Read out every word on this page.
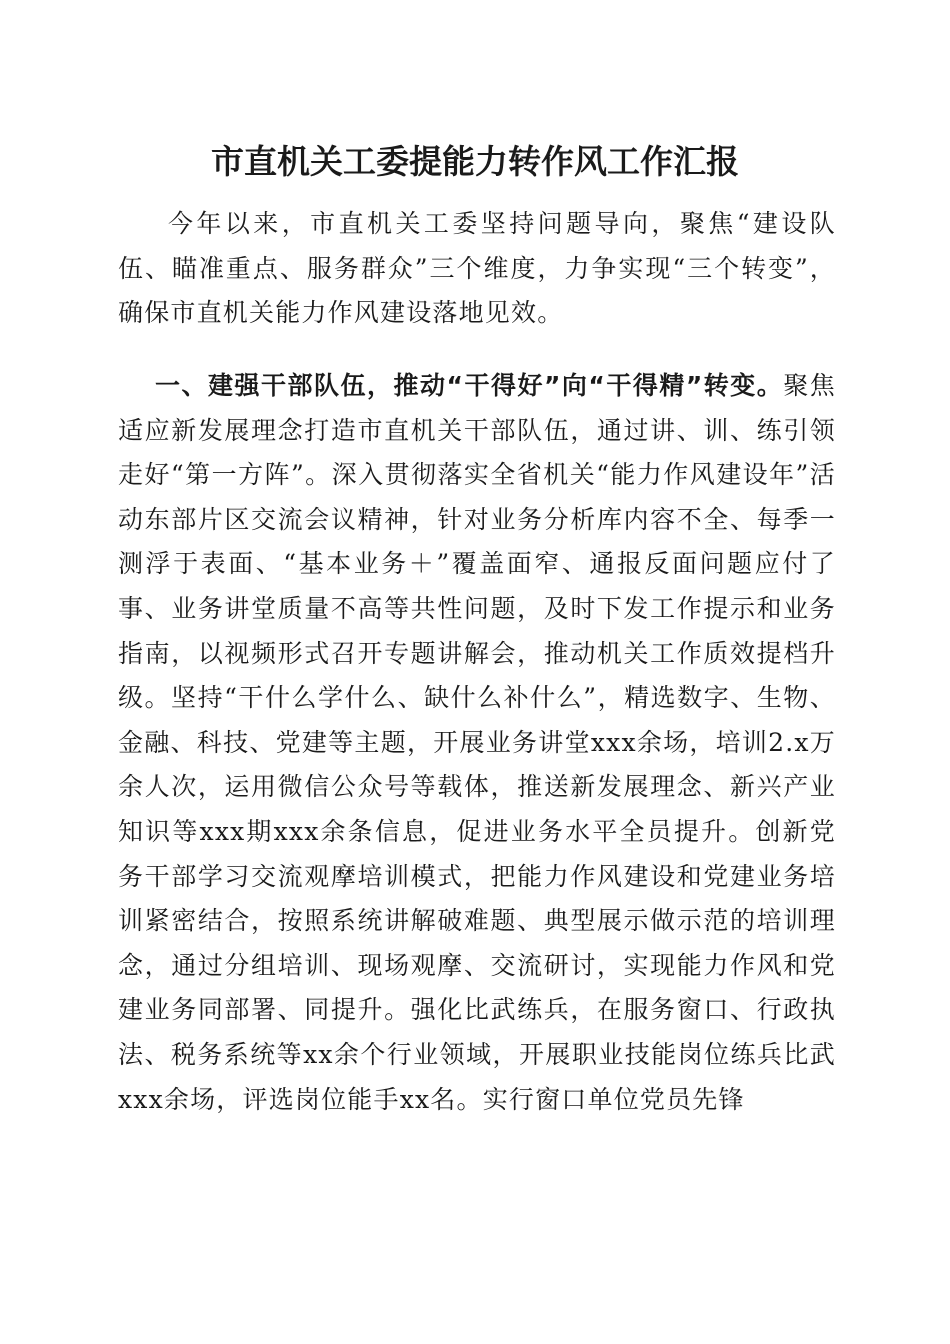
市直机关工委提能力转作风工作汇报

今年以来，市直机关工委坚持问题导向，聚焦“建设队伍、瞄准重点、服务群众”三个维度，力争实现“三个转变”，确保市直机关能力作风建设落地见效。

一、建强干部队伍，推动“干得好”向“干得精”转变。聚焦适应新发展理念打造市直机关干部队伍，通过讲、训、练引领走好“第一方阵”。深入贯彻落实全省机关“能力作风建设年”活动东部片区交流会议精神，针对业务分析库内容不全、每季一测浮于表面、“基本业务＋”覆盖面窄、通报反面问题应付了事、业务讲堂质量不高等共性问题，及时下发工作提示和业务指南，以视频形式召开专题讲解会，推动机关工作质效提档升级。坚持“干什么学什么、缺什么补什么”，精选数字、生物、金融、科技、党建等主题，开展业务讲堂xxx余场，培训2.x万余人次，运用微信公众号等载体，推送新发展理念、新兴产业知识等xxx期xxx余条信息，促进业务水平全员提升。创新党务干部学习交流观摩培训模式，把能力作风建设和党建业务培训紧密结合，按照系统讲解破难题、典型展示做示范的培训理念，通过分组培训、现场观摩、交流研讨，实现能力作风和党建业务同部署、同提升。强化比武练兵，在服务窗口、行政执法、税务系统等xx余个行业领域，开展职业技能岗位练兵比武xxx余场，评选岗位能手xx名。实行窗口单位党员先锋
